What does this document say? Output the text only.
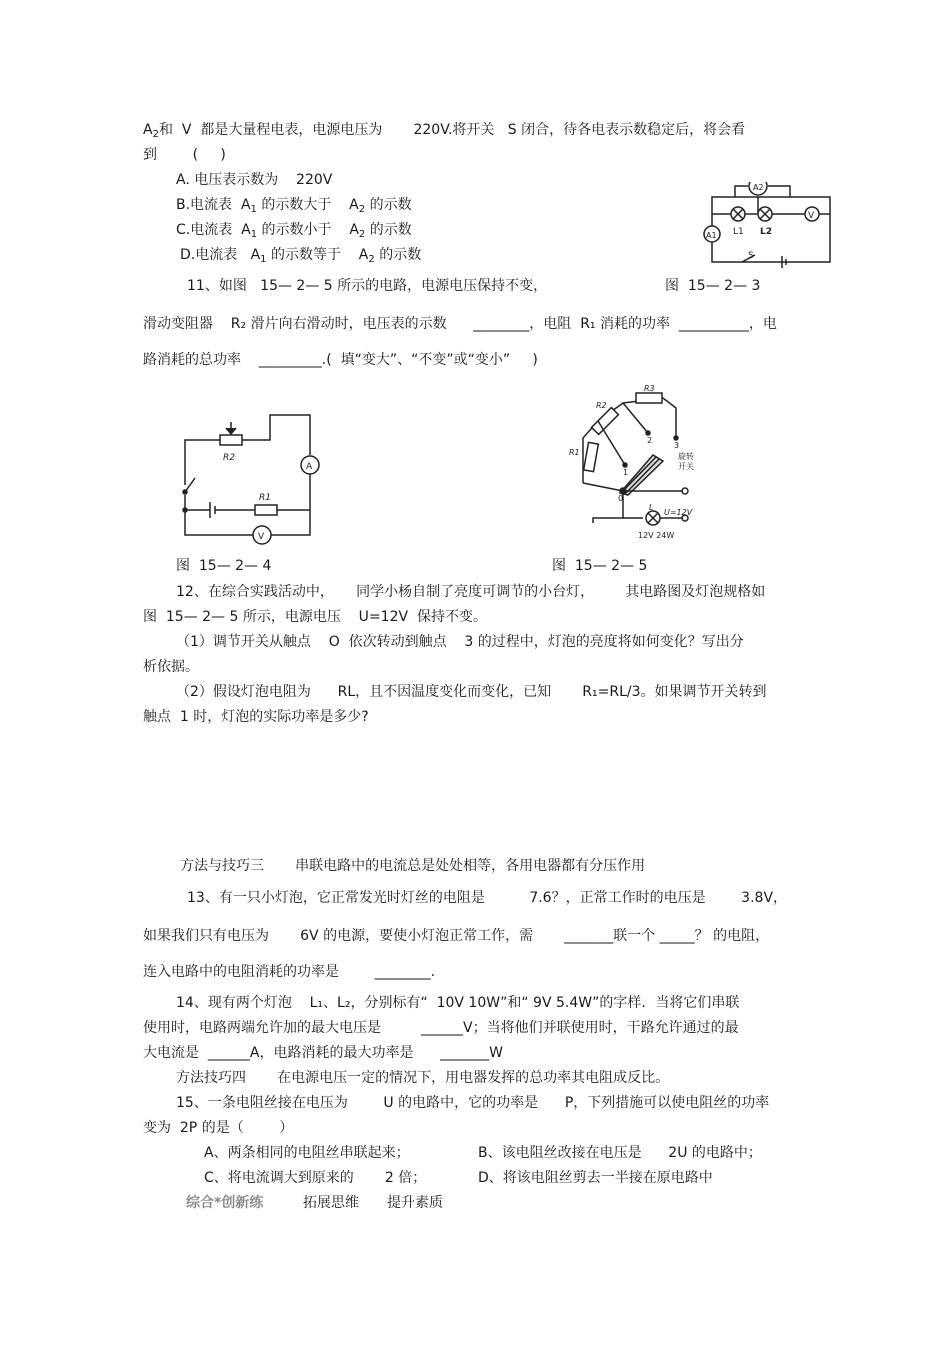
$A_2$和  V  都是大量程电表，电源电压为       220V.将开关   S 闭合，待各电表示数稳定后，将会看
到        (     )
A. 电压表示数为    220V
B.电流表  $A_1$ 的示数大于    $A_2$ 的示数
C.电流表  $A_1$ 的示数小于    $A_2$ 的示数
D.电流表   $A_1$ 的示数等于    $A_2$ 的示数
A2
A1
V
L1 L2
S
11、如图   15— 2— 5 所示的电路，电源电压保持不变，	图  15— 2— 3
滑动变阻器    R₂ 滑片向右滑动时，电压表的示数      ________，电阻  R₁ 消耗的功率  __________，电
路消耗的总功率    _________.(  填“变大”、“不变”或“变小”     )
R2
R1
A
V
R1
R2
R3
0
1
2
3
旋转
开关
U=12V
L
12V 24W
图  15— 2— 4	图  15— 2— 5
12、在综合实践活动中，     同学小杨自制了亮度可调节的小台灯，       其电路图及灯泡规格如
图  15— 2— 5 所示，电源电压    U=12V  保持不变。
（1）调节开关从触点    O  依次转动到触点    3 的过程中，灯泡的亮度将如何变化？写出分
析依据。
（2）假设灯泡电阻为      RL，且不因温度变化而变化，已知       R₁=RL/3。如果调节开关转到
触点  1 时，灯泡的实际功率是多少?
方法与技巧三       串联电路中的电流总是处处相等，各用电器都有分压作用
13、有一只小灯泡，它正常发光时灯丝的电阻是          7.6？，正常工作时的电压是        3.8V，
如果我们只有电压为       6V 的电源，要使小灯泡正常工作，需       _______联一个 _____？ 的电阻，
连入电路中的电阻消耗的功率是        ________.
14、现有两个灯泡    L₁、L₂，分别标有“  10V 10W”和“ 9V 5.4W”的字样．当将它们串联
使用时，电路两端允许加的最大电压是         ______V；当将他们并联使用时，干路允许通过的最
大电流是  ______A，电路消耗的最大功率是      _______W
方法技巧四       在电源电压一定的情况下，用电器发挥的总功率其电阻成反比。
15、一条电阻丝接在电压为        U 的电路中，它的功率是      P，下列措施可以使电阻丝的功率
变为  2P 的是（        ）
A、两条相同的电阻丝串联起来；	B、该电阻丝改接在电压是      2U 的电路中；
C、将电流调大到原来的       2 倍；	D、将该电阻丝剪去一半接在原电路中
综合*创新练	拓展思维 提升素质
